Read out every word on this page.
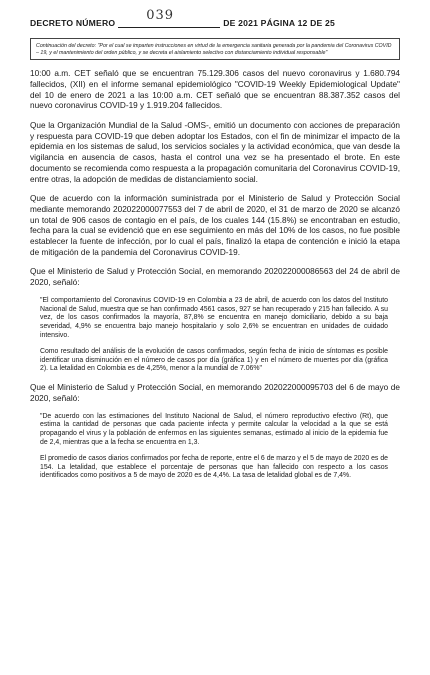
DECRETO NÚMERO 039	DE 2021 PÁGINA 12 DE 25
Continuación del decreto: "Por el cual se imparten instrucciones en virtud de la emergencia sanitaria generada por la pandemia del Coronavirus COVID – 19, y el mantenimiento del orden público, y se decreta el aislamiento selectivo con distanciamiento individual responsable"

10:00 a.m. CET señaló que se encuentran 75.129.306 casos del nuevo coronavirus y 1.680.794 fallecidos, (XII) en el informe semanal epidemiológico "COVID-19 Weekly Epidemiological Update" del 10 de enero de 2021 a las 10:00 a.m. CET señaló que se encuentran 88.387.352 casos del nuevo coronavirus COVID-19 y 1.919.204 fallecidos.

Que la Organización Mundial de la Salud -OMS-, emitió un documento con acciones de preparación y respuesta para COVID-19 que deben adoptar los Estados, con el fin de minimizar el impacto de la epidemia en los sistemas de salud, los servicios sociales y la actividad económica, que van desde la vigilancia en ausencia de casos, hasta el control una vez se ha presentado el brote. En este documento se recomienda como respuesta a la propagación comunitaria del Coronavirus COVID-19, entre otras, la adopción de medidas de distanciamiento social.

Que de acuerdo con la información suministrada por el Ministerio de Salud y Protección Social mediante memorando 202022000077553 del 7 de abril de 2020, el 31 de marzo de 2020 se alcanzó un total de 906 casos de contagio en el país, de los cuales 144 (15.8%) se encontraban en estudio, fecha para la cual se evidenció que en ese seguimiento en más del 10% de los casos, no fue posible establecer la fuente de infección, por lo cual el país, finalizó la etapa de contención e inició la etapa de mitigación de la pandemia del Coronavirus COVID-19.

Que el Ministerio de Salud y Protección Social, en memorando 202022000086563 del 24 de abril de 2020, señaló:

"El comportamiento del Coronavirus COVID-19 en Colombia a 23 de abril, de acuerdo con los datos del Instituto Nacional de Salud, muestra que se han confirmado 4561 casos, 927 se han recuperado y 215 han fallecido. A su vez, de los casos confirmados la mayoría, 87,8% se encuentra en manejo domiciliario, debido a su baja severidad, 4,9% se encuentra bajo manejo hospitalario y solo 2,6% se encuentran en unidades de cuidado intensivo.

Como resultado del análisis de la evolución de casos confirmados, según fecha de inicio de síntomas es posible identificar una disminución en el número de casos por día (gráfica 1) y en el número de muertes por día (gráfica 2). La letalidad en Colombia es de 4,25%, menor a la mundial de 7.06%"

Que el Ministerio de Salud y Protección Social, en memorando 202022000095703 del 6 de mayo de 2020, señaló:

"De acuerdo con las estimaciones del Instituto Nacional de Salud, el número reproductivo efectivo (Rt), que estima la cantidad de personas que cada paciente infecta y permite calcular la velocidad a la que se está propagando el virus y la población de enfermos en las siguientes semanas, estimado al inicio de la epidemia fue de 2,4, mientras que a la fecha se encuentra en 1,3.

El promedio de casos diarios confirmados por fecha de reporte, entre el 6 de marzo y el 5 de mayo de 2020 es de 154. La letalidad, que establece el porcentaje de personas que han fallecido con respecto a los casos identificados como positivos a 5 de mayo de 2020 es de 4,4%. La tasa de letalidad global es de 7,4%.
